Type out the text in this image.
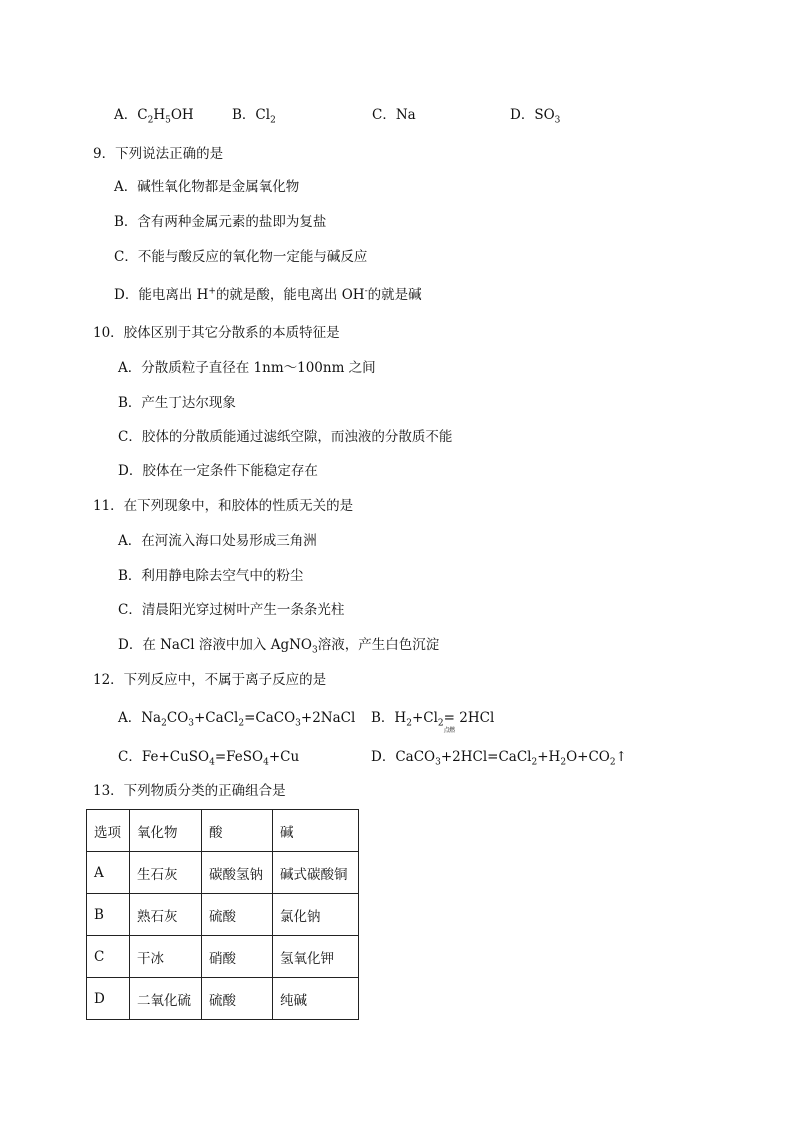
A．$C_2H_5OH$	B．$Cl_2$	C．Na	D．$SO_3$
9．下列说法正确的是
A．碱性氧化物都是金属氧化物
B．含有两种金属元素的盐即为复盐
C．不能与酸反应的氧化物一定能与碱反应
D．能电离出 H+的就是酸，能电离出 OH-的就是碱
10．胶体区别于其它分散系的本质特征是
A．分散质粒子直径在 1nm～100nm 之间
B．产生丁达尔现象
C．胶体的分散质能通过滤纸空隙，而浊液的分散质不能
D．胶体在一定条件下能稳定存在
11．在下列现象中，和胶体的性质无关的是
A．在河流入海口处易形成三角洲
B．利用静电除去空气中的粉尘
C．清晨阳光穿过树叶产生一条条光柱
D．在 NaCl 溶液中加入 AgNO$_3$溶液，产生白色沉淀
12．下列反应中，不属于离子反应的是
A．$Na_2CO_3+CaCl_2=CaCO_3+2NaCl$ B．$H_2+Cl_2=$
点燃
2HCl
C．Fe+CuSO$_4$=FeSO$_4$+Cu	D．$CaCO_3+2HCl=CaCl_2+H_2O+CO_2↑$
13．下列物质分类的正确组合是
选项	氧化物	酸	碱
A	生石灰	碳酸氢钠	碱式碳酸铜
B	熟石灰	硫酸	氯化钠
C	干冰	硝酸	氢氧化钾
D	二氧化硫	硫酸	纯碱
